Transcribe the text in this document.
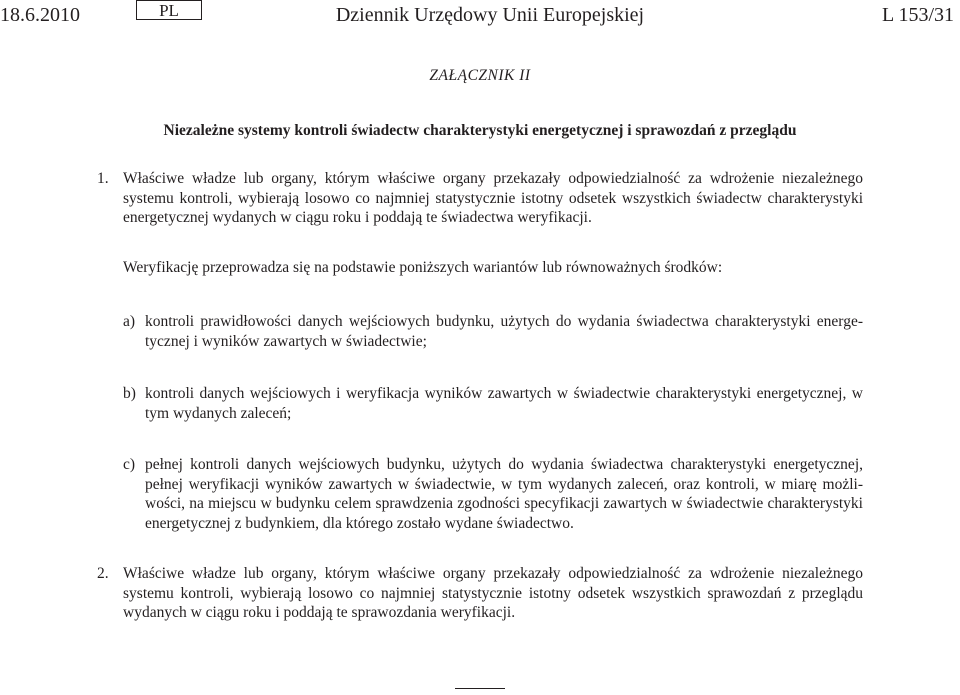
18.6.2010	PL	Dziennik Urzędowy Unii Europejskiej	L 153/31
ZAŁĄCZNIK II
Niezależne systemy kontroli świadectw charakterystyki energetycznej i sprawozdań z przeglądu
1. Właściwe władze lub organy, którym właściwe organy przekazały odpowiedzialność za wdrożenie niezależnego systemu kontroli, wybierają losowo co najmniej statystycznie istotny odsetek wszystkich świadectw charakterystyki energetycznej wydanych w ciągu roku i poddają te świadectwa weryfikacji.
Weryfikację przeprowadza się na podstawie poniższych wariantów lub równoważnych środków:
a) kontroli prawidłowości danych wejściowych budynku, użytych do wydania świadectwa charakterystyki energetycznej i wyników zawartych w świadectwie;
b) kontroli danych wejściowych i weryfikacja wyników zawartych w świadectwie charakterystyki energetycznej, w tym wydanych zaleceń;
c) pełnej kontroli danych wejściowych budynku, użytych do wydania świadectwa charakterystyki energetycznej, pełnej weryfikacji wyników zawartych w świadectwie, w tym wydanych zaleceń, oraz kontroli, w miarę możliwości, na miejscu w budynku celem sprawdzenia zgodności specyfikacji zawartych w świadectwie charakterystyki energetycznej z budynkiem, dla którego zostało wydane świadectwo.
2. Właściwe władze lub organy, którym właściwe organy przekazały odpowiedzialność za wdrożenie niezależnego systemu kontroli, wybierają losowo co najmniej statystycznie istotny odsetek wszystkich sprawozdań z przeglądu wydanych w ciągu roku i poddają te sprawozdania weryfikacji.
